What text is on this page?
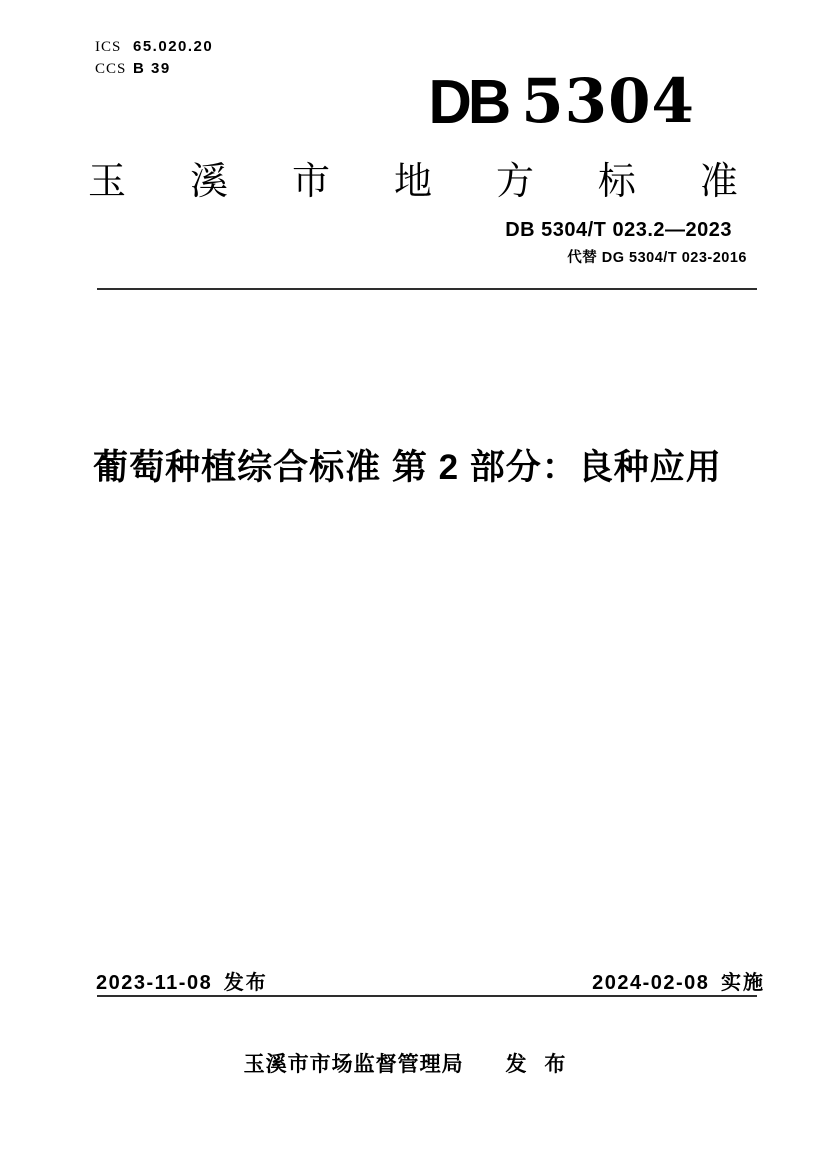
ICS 65.020.20
CCS B 39	DB 5304
玉 溪 市 地 方 标 准
DB 5304/T 023.2—2023
代替 DG 5304/T 023-2016
葡萄种植综合标准 第 2 部分：良种应用
2023-11-08 发布	2024-02-08 实施
玉溪市市场监督管理局 发 布
